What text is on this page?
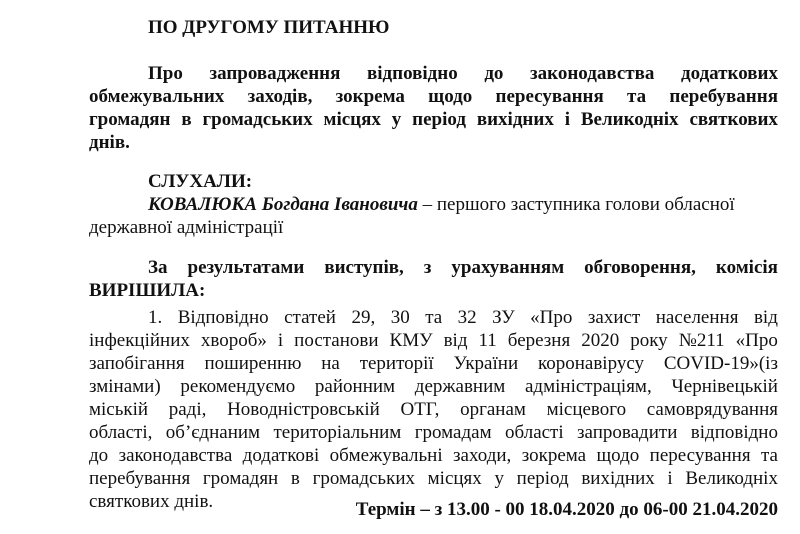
ПО ДРУГОМУ ПИТАННЮ
Про запровадження відповідно до законодавства додаткових
обмежувальних заходів, зокрема щодо пересування та перебування
громадян в громадських місцях у період вихідних і Великодніх святкових
днів.
СЛУХАЛИ:
КОВАЛЮКА Богдана Івановича – першого заступника голови обласної
державної адміністрації
За результатами виступів, з урахуванням обговорення, комісія
ВИРІШИЛА:
1. Відповідно статей 29, 30 та 32 ЗУ «Про захист населення від
інфекційних хвороб» і постанови КМУ від 11 березня 2020 року №211 «Про
запобігання поширенню на території України коронавірусу COVID-19»(із
змінами) рекомендуємо районним державним адміністраціям, Чернівецькій
міській раді, Новодністровській ОТГ, органам місцевого самоврядування
області, об’єднаним територіальним громадам області запровадити відповідно
до законодавства додаткові обмежувальні заходи, зокрема щодо пересування та
перебування громадян в громадських місцях у період вихідних і Великодніх
святкових днів.	Термін – з 13.00 - 00 18.04.2020 до 06-00 21.04.2020
